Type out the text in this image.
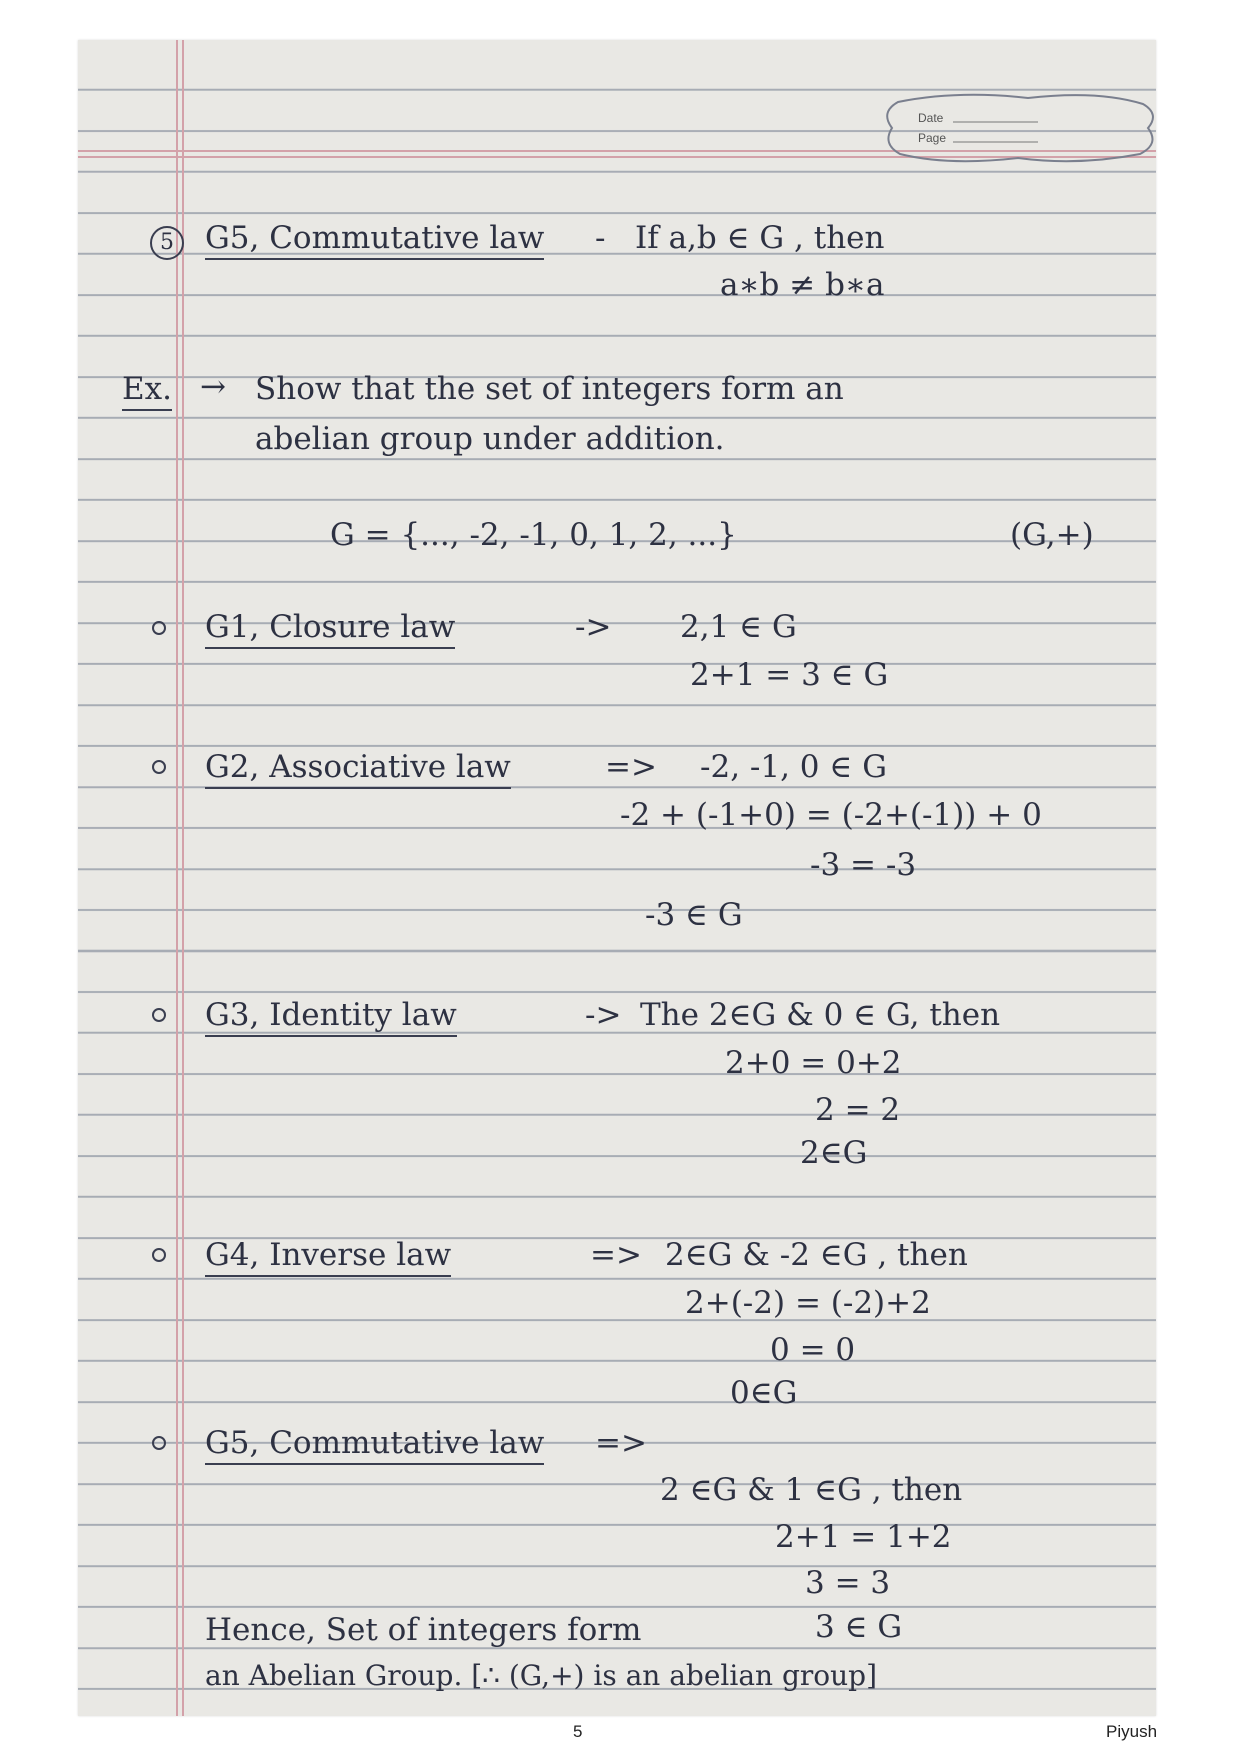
Date
Page
5	G5, Commutative law - If a,b ∈ G , then
a∗b ≠ b∗a
Ex. → Show that the set of integers form an
abelian group under addition.
G = {..., -2, -1, 0, 1, 2, ...}	(G,+)
G1, Closure law	-> 2,1 ∈ G
2+1 = 3 ∈ G
G2, Associative law	=> -2, -1, 0 ∈ G
-2 + (-1+0) = (-2+(-1)) + 0
-3 = -3
-3 ∈ G
G3, Identity law	-> The 2∈G & 0 ∈ G, then
2+0 = 0+2
2 = 2
2∈G
G4, Inverse law	=> 2∈G & -2 ∈G , then
2+(-2) = (-2)+2
0 = 0
0∈G
G5, Commutative law =>
2 ∈G & 1 ∈G , then
2+1 = 1+2
3 = 3
3 ∈ G
Hence, Set of integers form
an Abelian Group. [∴ (G,+) is an abelian group]
5	Piyush
